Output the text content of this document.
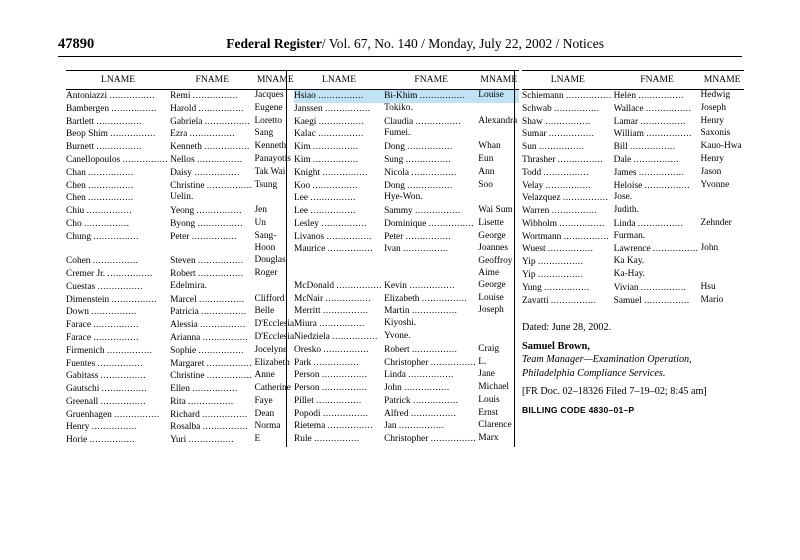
47890	Federal Register/ Vol. 67, No. 140 / Monday, July 22, 2002 / Notices
LNAME	FNAME	MNAME
Antoniazzi ................	Remi ................	Jacques
Bambergen ................	Harold ................	Eugene
Bartlett ................	Gabriela ................	Loretto
Beop Shim ................	Ezra ................	Sang
Burnett ................	Kenneth ................	Kenneth
Canellopoulos ................	Nellos ................	Panayotis
Chan ................	Daisy ................	Tak Wai
Chen ................	Christine ................	Tsung
Chen ................	Uelin.	
Chiu ................	Yeong ................	Jen
Cho ................	Byong ................	Un
Chung ................	Peter ................	Sang-
		Hoon
Cohen ................	Steven ................	Douglas
Cremer Jr. ................	Robert ................	Roger
Cuestas ................	Edelmira.	
Dimenstein ................	Marcel ................	Clifford
Down ................	Patricia ................	Belle
Farace ................	Alessia ................	D'Ecclesia
Farace ................	Arianna ................	D'Ecclesia
Firmenich ................	Sophie ................	Jocelyne
Fuentes ................	Margaret ................	Elizabeth
Gabitass ................	Christine ................	Anne
Gautschi ................	Ellen ................	Catherine
Greenall ................	Rita ................	Faye
Gruenhagen ................	Richard ................	Dean
Henry ................	Rosalba ................	Norma
Horie ................	Yuri ................	E
LNAME	FNAME	MNAME
Hsiao ................	Bi-Khim ................	Louise
Janssen ................	Tokiko.	
Kaegi ................	Claudia ................	Alexandra
Kalac ................	Fumei.	
Kim ................	Dong ................	Whan
Kim ................	Sung ................	Eun
Knight ................	Nicola ................	Ann
Koo ................	Dong ................	Soo
Lee ................	Hye-Won.	
Lee ................	Sammy ................	Wai Sum
Lesley ................	Dominique ................	Lisette
Livanos ................	Peter ................	George
Maurice ................	Ivan ................	Joannes
		Geoffroy
		Aime
McDonald ................	Kevin ................	George
McNair ................	Elizabeth ................	Louise
Merritt ................	Martin ................	Joseph
Miura ................	Kiyoshi.	
Niedziela ................	Yvone.	
Oresko ................	Robert ................	Craig
Park ................	Christopher ................	L.
Person ................	Linda ................	Jane
Person ................	John ................	Michael
Pillet ................	Patrick ................	Louis
Popodi ................	Alfred ................	Ernst
Rietema ................	Jan ................	Clarence
Rule ................	Christopher ................	Marx
LNAME	FNAME	MNAME
Schiemann ................	Helen ................	Hedwig
Schwab ................	Wallace ................	Joseph
Shaw ................	Lamar ................	Henry
Sumar ................	William ................	Saxonis
Sun ................	Bill ................	Kauo-Hwa
Thrasher ................	Dale ................	Henry
Todd ................	James ................	Jason
Velay ................	Heloise ................	Yvonne
Velazquez ................	Jose.	
Warren ................	Judith.	
Wibholm ................	Linda ................	Zehnder
Wortmann ................	Furman.	
Wuest ................	Lawrence ................	John
Yip ................	Ka Kay.	
Yip ................	Ka-Hay.	
Yung ................	Vivian ................	Hsu
Zavatti ................	Samuel ................	Mario
Dated: June 28, 2002.
Samuel Brown,
Team Manager—Examination Operation,
Philadelphia Compliance Services.
[FR Doc. 02–18326 Filed 7–19–02; 8:45 am]
BILLING CODE 4830–01–P
